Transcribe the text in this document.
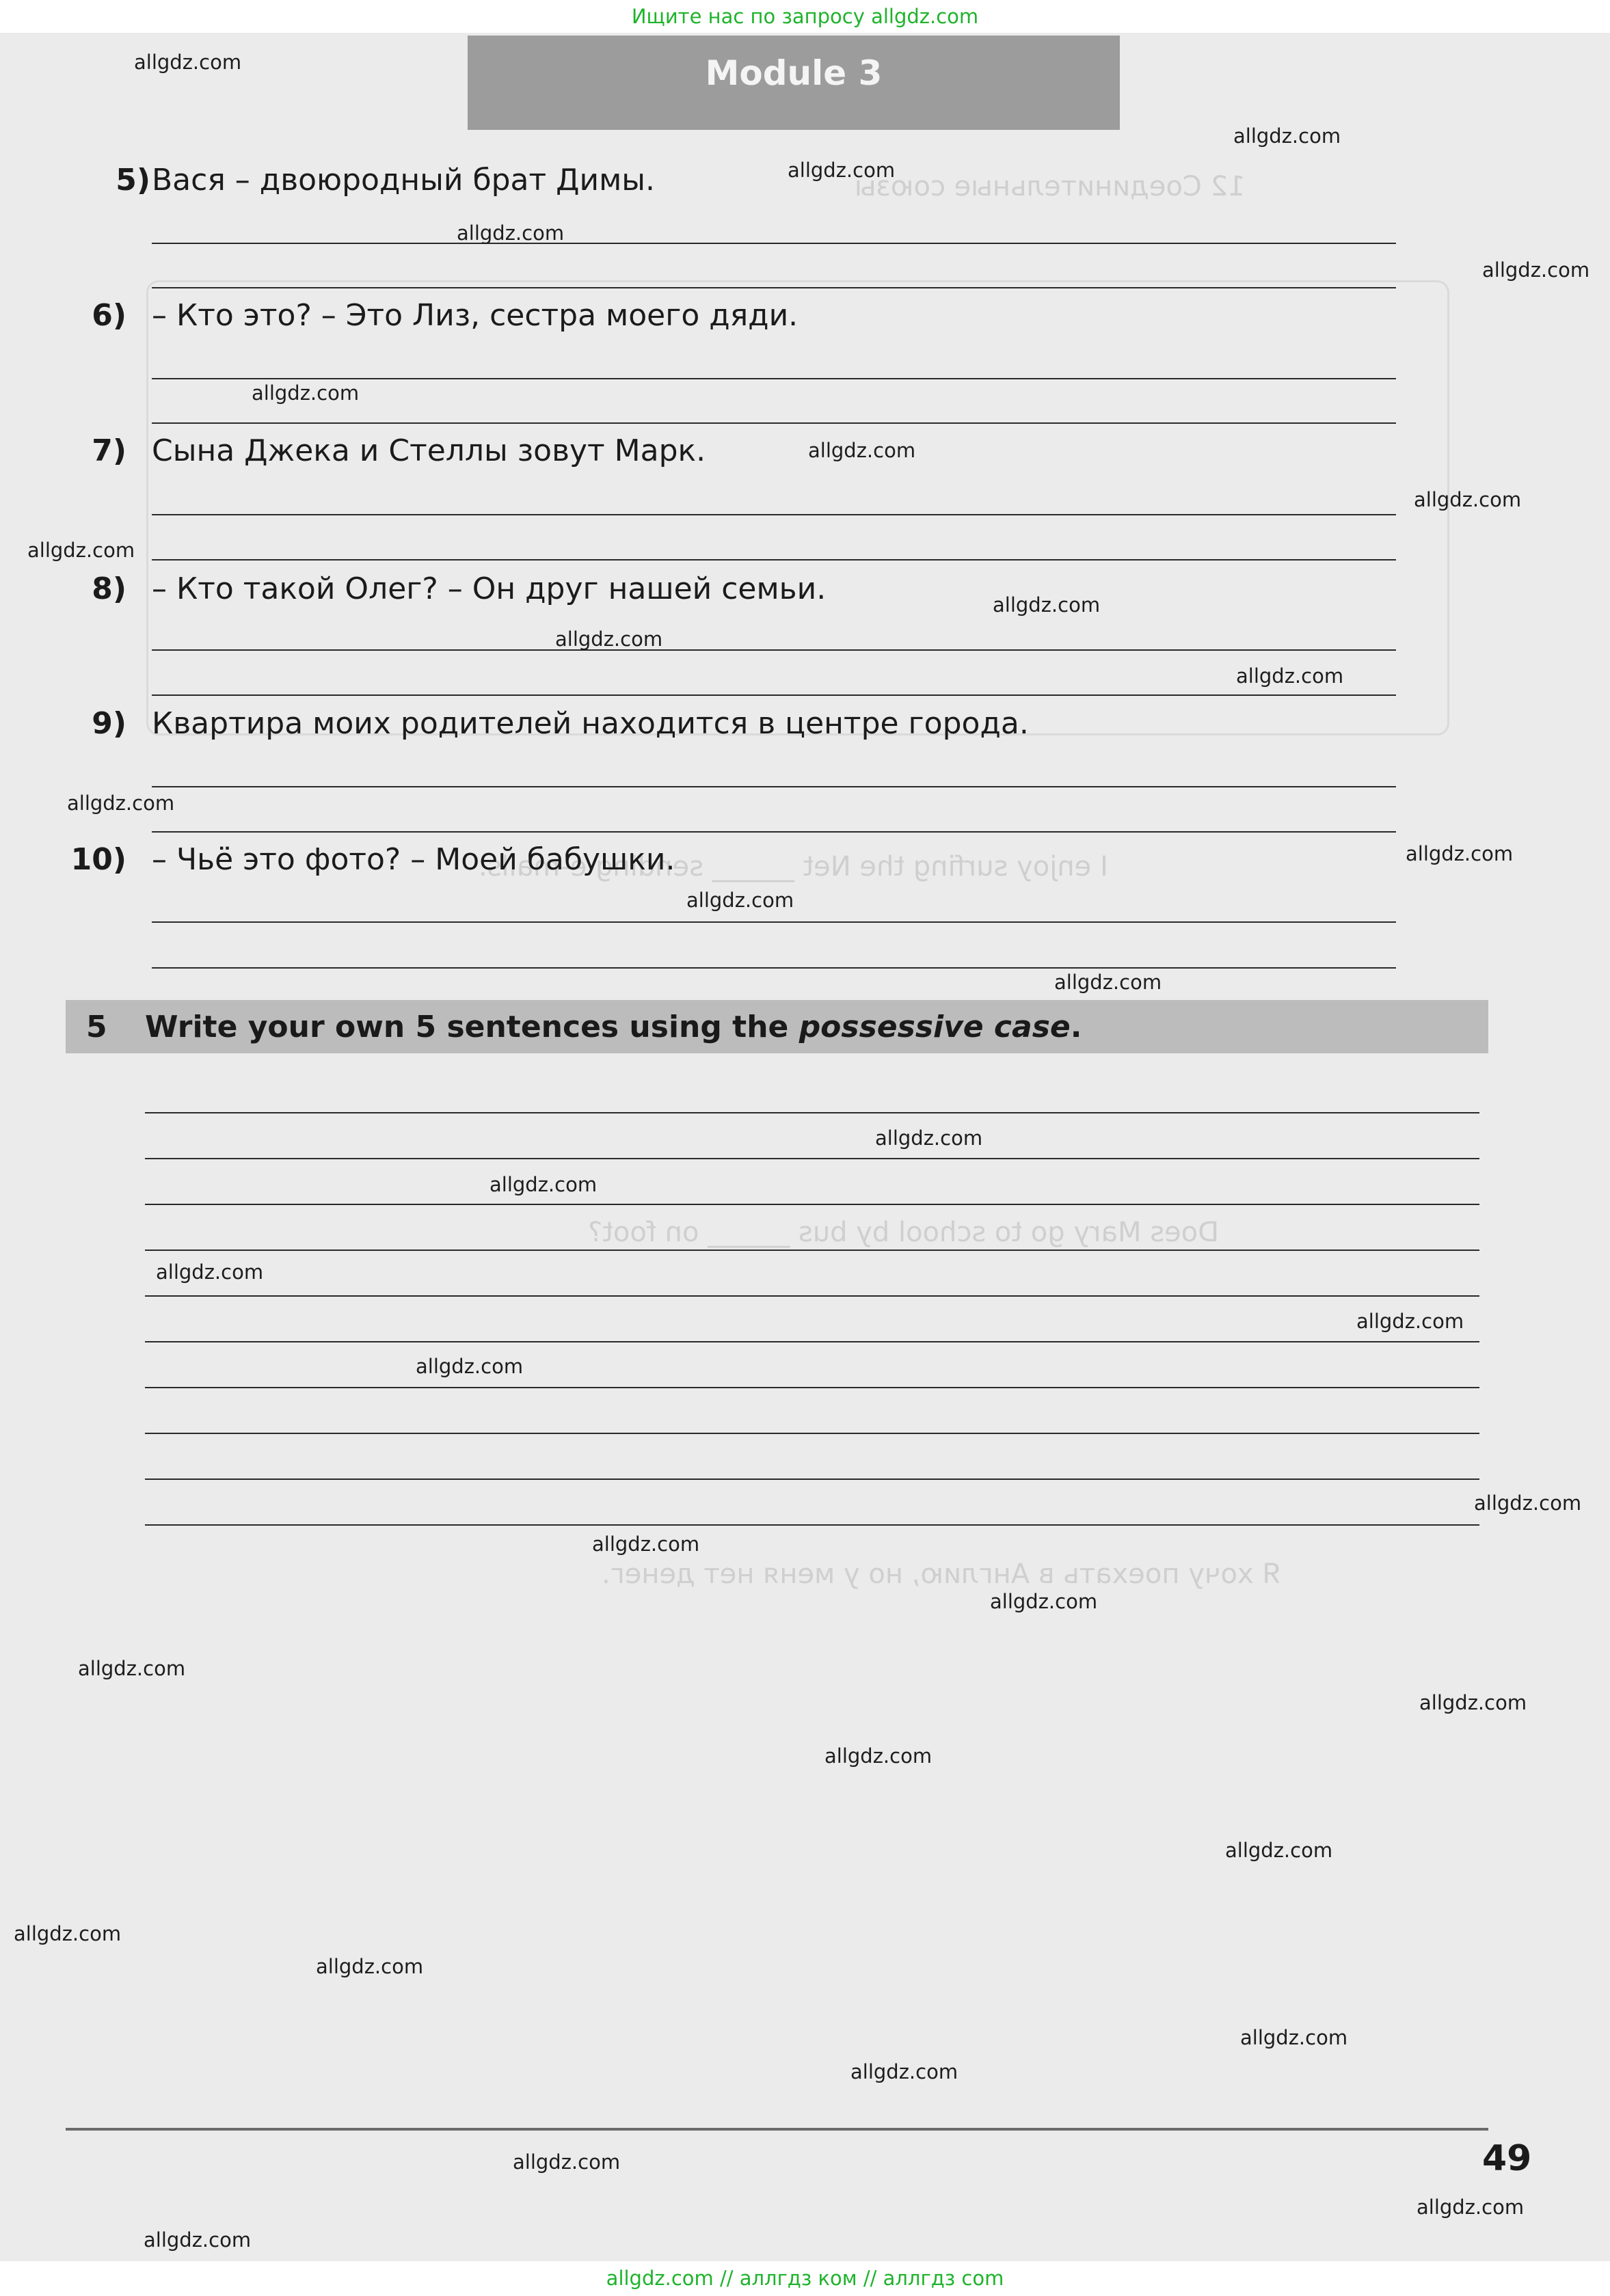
Ищите нас по запросу allgdz.com
12 Соединительные союзы
I enjoy surfing the Net ______ sending e-mails.
Does Mary go to school by bus ______ on foot?
Я хочу поехать в Англию, но у меня нет денег.
Module 3
5) Вася – двоюродный брат Димы.
6) – Кто это? – Это Лиз, сестра моего дяди.
7) Сына Джека и Стеллы зовут Марк.
8) – Кто такой Олег? – Он друг нашей семьи.
9) Квартира моих родителей находится в центре города.
10) – Чьё это фото? – Моей бабушки.
5 Write your own 5 sentences using the possessive case.
49
allgdz.com
allgdz.com
allgdz.com
allgdz.com
allgdz.com
allgdz.com
allgdz.com
allgdz.com
allgdz.com
allgdz.com
allgdz.com
allgdz.com
allgdz.com
allgdz.com
allgdz.com
allgdz.com
allgdz.com
allgdz.com
allgdz.com
allgdz.com
allgdz.com
allgdz.com
allgdz.com
allgdz.com
allgdz.com
allgdz.com
allgdz.com
allgdz.com
allgdz.com
allgdz.com
allgdz.com
allgdz.com
allgdz.com
allgdz.com
allgdz.com
allgdz.com // аллгдз ком // аллгдз com
